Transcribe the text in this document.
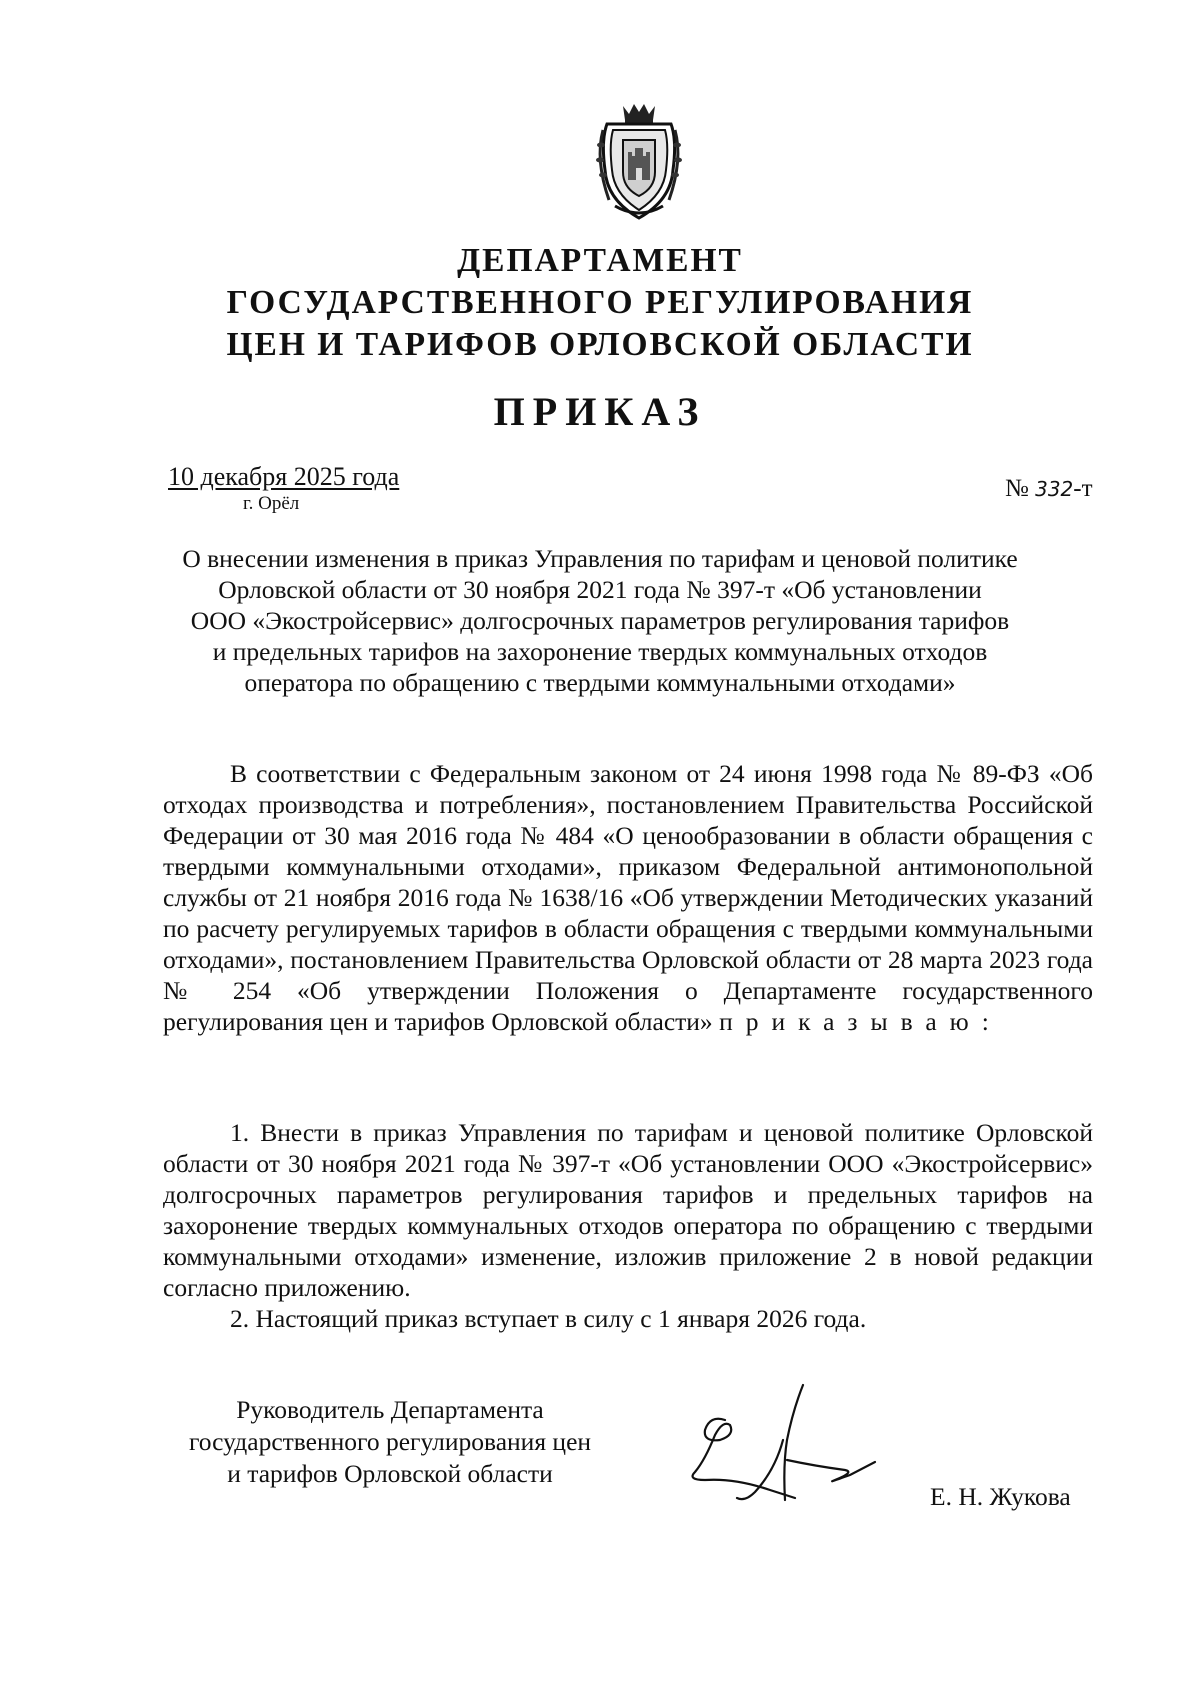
ДЕПАРТАМЕНТ
ГОСУДАРСТВЕННОГО РЕГУЛИРОВАНИЯ
ЦЕН И ТАРИФОВ ОРЛОВСКОЙ ОБЛАСТИ
ПРИКАЗ
10 декабря 2025 года
г. Орёл
№ 332-т
О внесении изменения в приказ Управления по тарифам и ценовой политике
Орловской области от 30 ноября 2021 года № 397-т «Об установлении
ООО «Экостройсервис» долгосрочных параметров регулирования тарифов
и предельных тарифов на захоронение твердых коммунальных отходов
оператора по обращению с твердыми коммунальными отходами»

В соответствии с Федеральным законом от 24 июня 1998 года № 89-ФЗ «Об отходах производства и потребления», постановлением Правительства Российской Федерации от 30 мая 2016 года № 484 «О ценообразовании в области обращения с твердыми коммунальными отходами», приказом Федеральной антимонопольной службы от 21 ноября 2016 года № 1638/16 «Об утверждении Методических указаний по расчету регулируемых тарифов в области обращения с твердыми коммунальными отходами», постановлением Правительства Орловской области от 28 марта 2023 года № 254 «Об утверждении Положения о Департаменте государственного регулирования цен и тарифов Орловской области» приказываю:

1. Внести в приказ Управления по тарифам и ценовой политике Орловской области от 30 ноября 2021 года № 397-т «Об установлении ООО «Экостройсервис» долгосрочных параметров регулирования тарифов и предельных тарифов на захоронение твердых коммунальных отходов оператора по обращению с твердыми коммунальными отходами» изменение, изложив приложение 2 в новой редакции согласно приложению.

2. Настоящий приказ вступает в силу с 1 января 2026 года.

Руководитель Департамента
государственного регулирования цен
и тарифов Орловской области
Е. Н. Жукова
